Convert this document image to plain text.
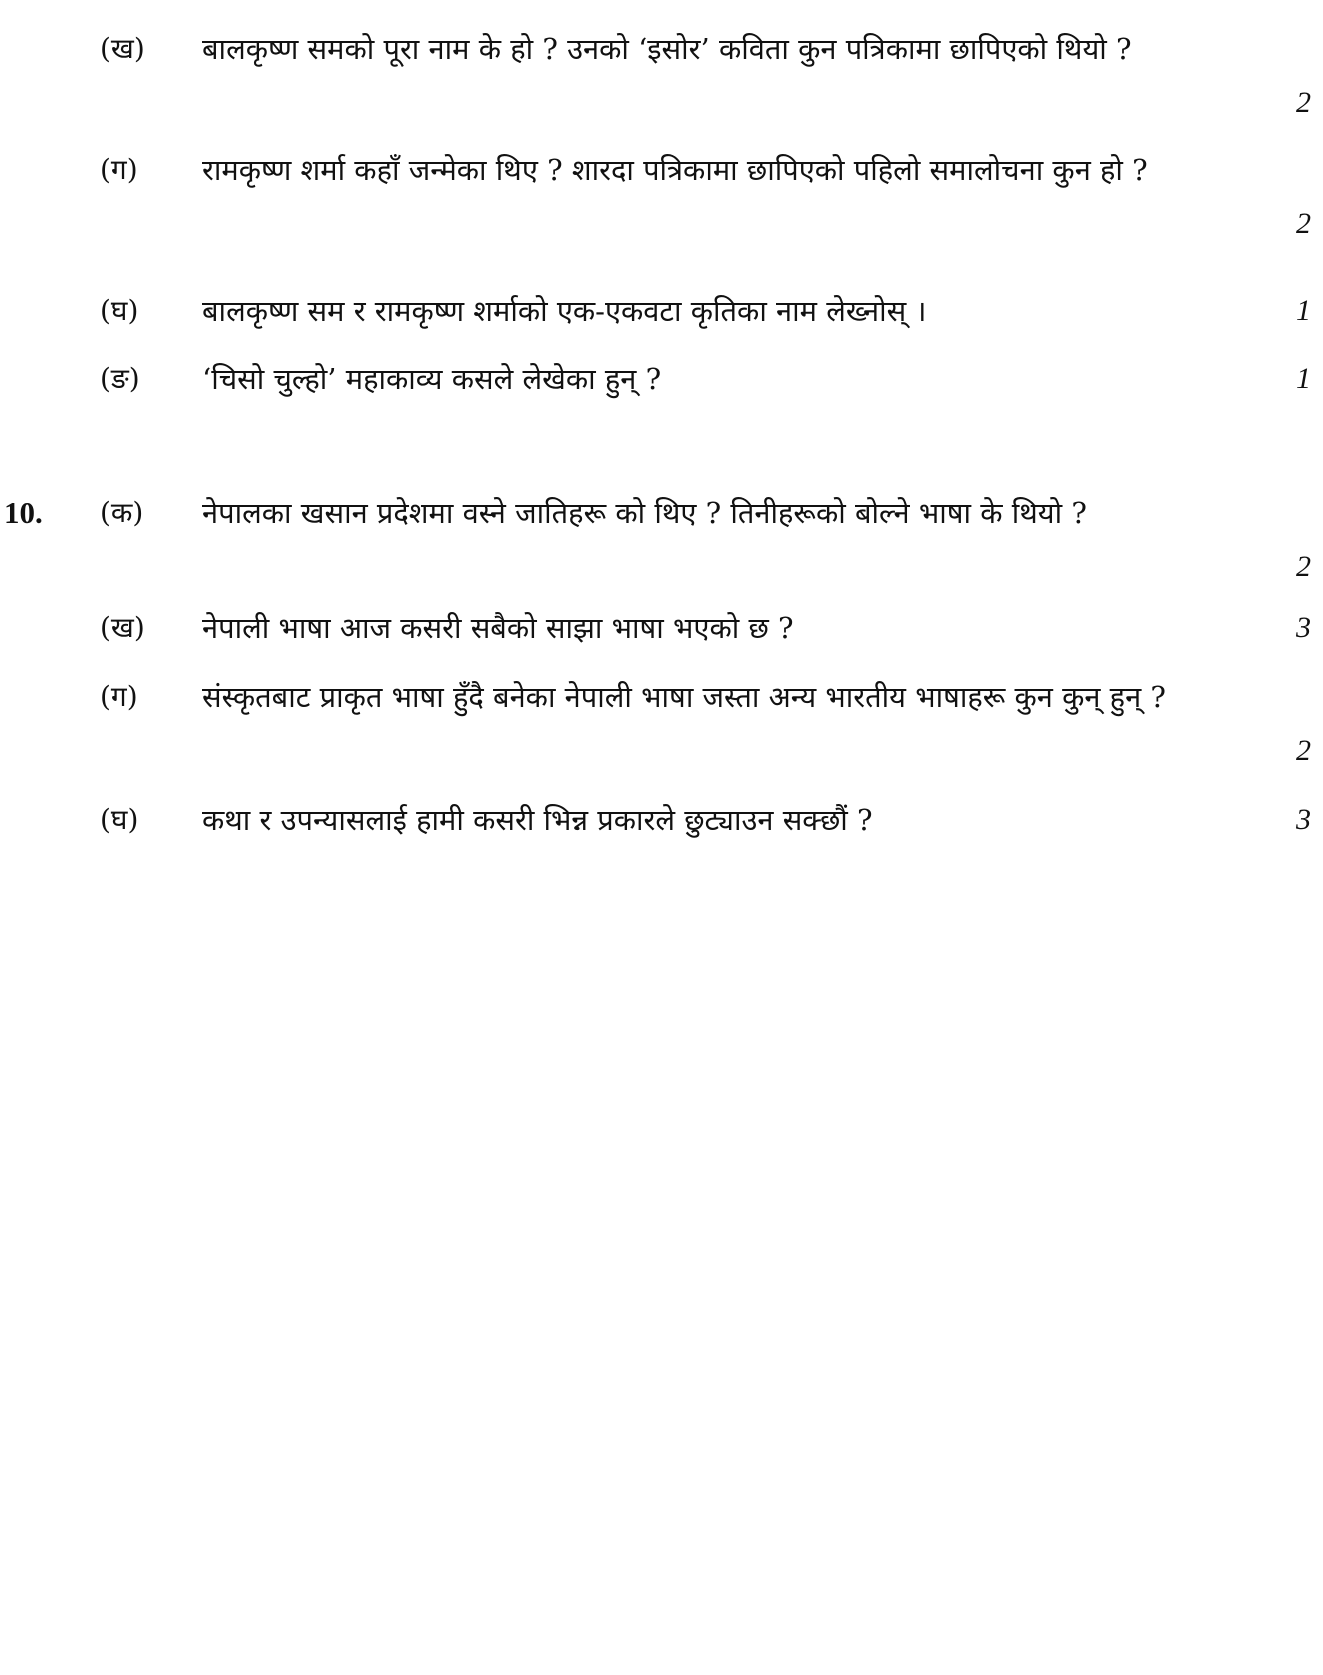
(ख) बालकृष्ण समको पूरा नाम के हो ? उनको ‘इसोर’ कविता कुन पत्रिकामा छापिएको थियो ?
2
(ग) रामकृष्ण शर्मा कहाँ जन्मेका थिए ? शारदा पत्रिकामा छापिएको पहिलो समालोचना कुन हो ?
2
(घ) बालकृष्ण सम र रामकृष्ण शर्माको एक-एकवटा कृतिका नाम लेख्नोस् ।	1
(ङ) ‘चिसो चुल्हो’ महाकाव्य कसले लेखेका हुन् ?	1
10. (क) नेपालका खसान प्रदेशमा वस्ने जातिहरू को थिए ? तिनीहरूको बोल्ने भाषा के थियो ?
2
(ख) नेपाली भाषा आज कसरी सबैको साझा भाषा भएको छ ?	3
(ग) संस्कृतबाट प्राकृत भाषा हुँदै बनेका नेपाली भाषा जस्ता अन्य भारतीय भाषाहरू कुन कुन् हुन् ?
2
(घ) कथा र उपन्यासलाई हामी कसरी भिन्न प्रकारले छुट्याउन सक्छौं ?	3
